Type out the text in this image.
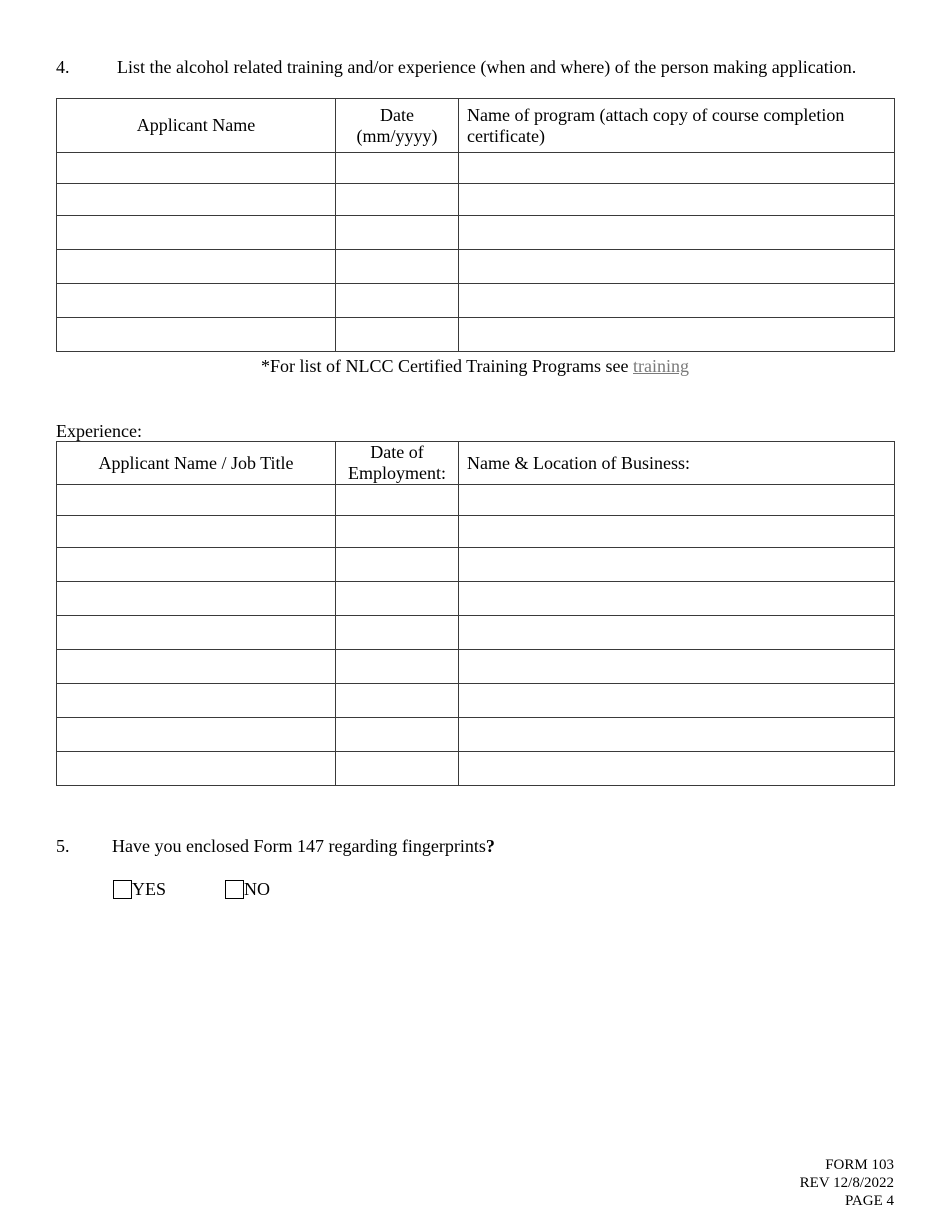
4.	List the alcohol related training and/or experience (when and where) of the person making application.
Applicant Name	Date (mm/yyyy)	Name of program (attach copy of course completion certificate)

*For list of NLCC Certified Training Programs see training
Experience:
Applicant Name / Job Title	Date of Employment:	Name & Location of Business:

5. Have you enclosed Form 147 regarding fingerprints?
YES	NO
FORM 103
REV 12/8/2022
PAGE 4
